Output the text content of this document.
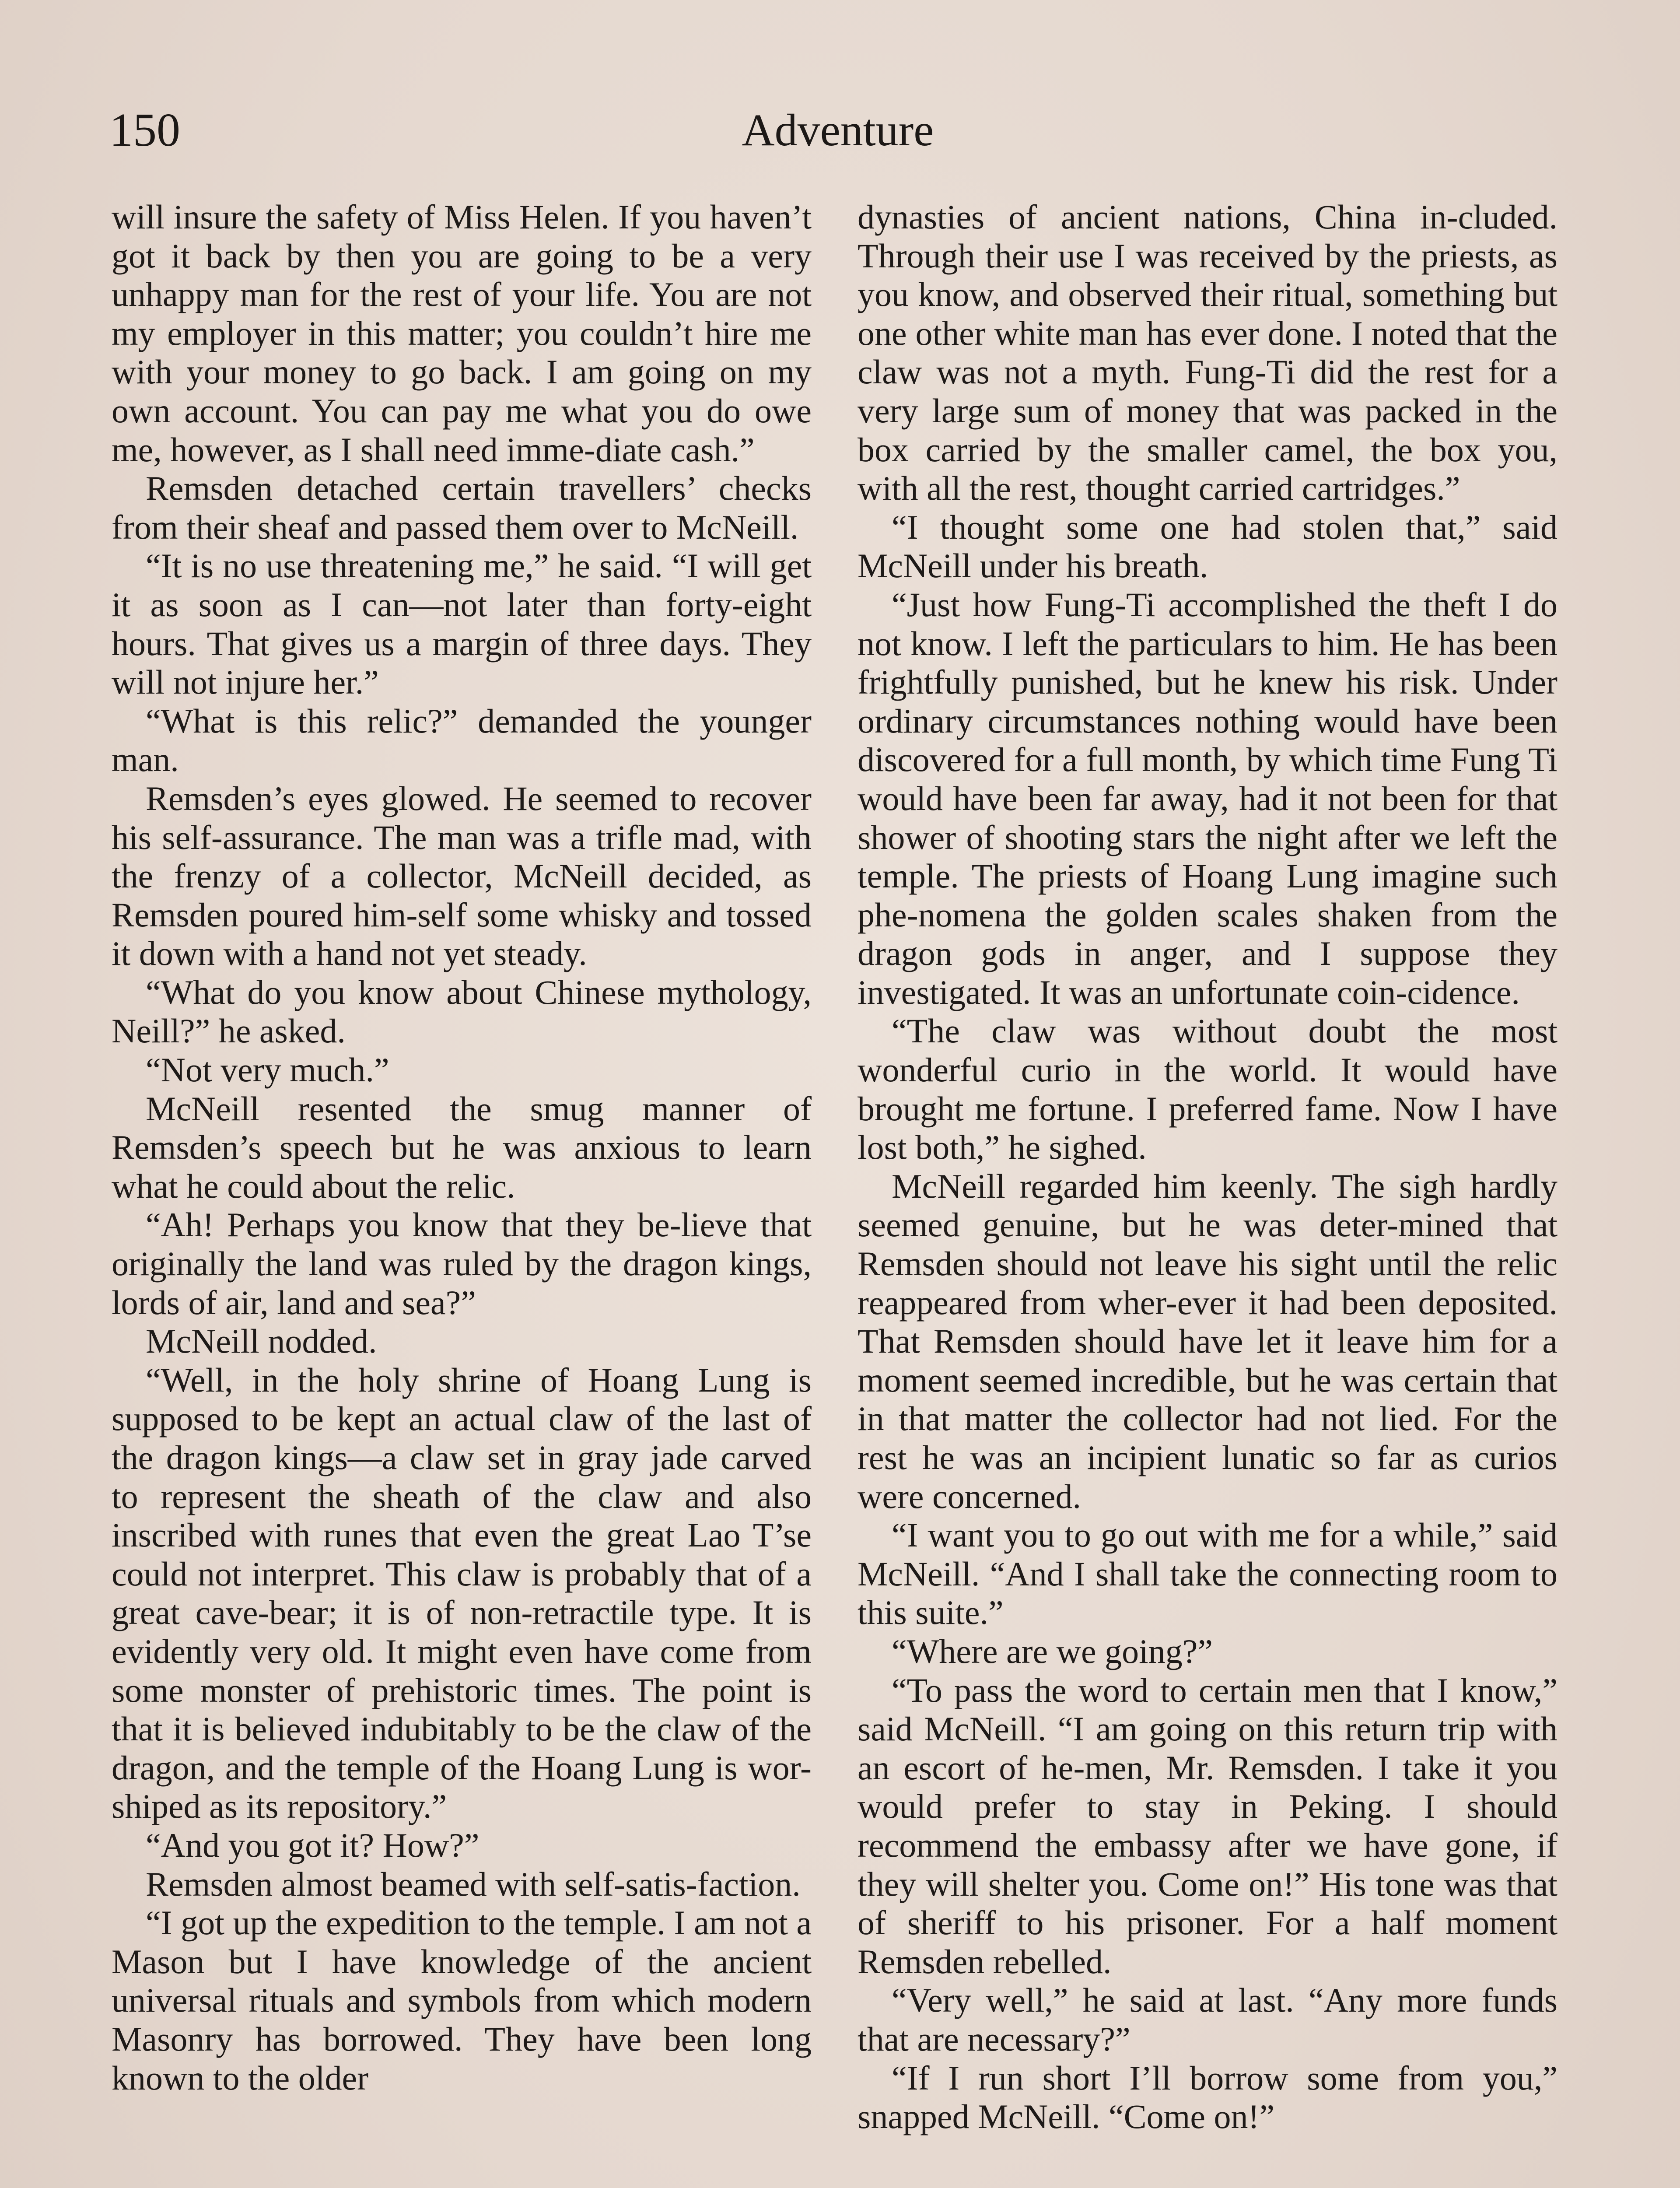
150	Adventure

will insure the safety of Miss Helen. If you haven’t got it back by then you are going to be a very unhappy man for the rest of your life. You are not my employer in this matter; you couldn’t hire me with your money to go back. I am going on my own account. You can pay me what you do owe me, however, as I shall need imme-diate cash.”

Remsden detached certain travellers’ checks from their sheaf and passed them over to McNeill.

“It is no use threatening me,” he said. “I will get it as soon as I can—not later than forty-eight hours. That gives us a margin of three days. They will not injure her.”

“What is this relic?” demanded the younger man.

Remsden’s eyes glowed. He seemed to recover his self-assurance. The man was a trifle mad, with the frenzy of a collector, McNeill decided, as Remsden poured him-self some whisky and tossed it down with a hand not yet steady.

“What do you know about Chinese mythology, Neill?” he asked.

“Not very much.”

McNeill resented the smug manner of Remsden’s speech but he was anxious to learn what he could about the relic.

“Ah! Perhaps you know that they be-lieve that originally the land was ruled by the dragon kings, lords of air, land and sea?”

McNeill nodded.

“Well, in the holy shrine of Hoang Lung is supposed to be kept an actual claw of the last of the dragon kings—a claw set in gray jade carved to represent the sheath of the claw and also inscribed with runes that even the great Lao T’se could not interpret. This claw is probably that of a great cave-bear; it is of non-retractile type. It is evidently very old. It might even have come from some monster of prehistoric times. The point is that it is believed indubitably to be the claw of the dragon, and the temple of the Hoang Lung is wor-shiped as its repository.”

“And you got it? How?”

Remsden almost beamed with self-satis-faction.

“I got up the expedition to the temple. I am not a Mason but I have knowledge of the ancient universal rituals and symbols from which modern Masonry has borrowed. They have been long known to the older

dynasties of ancient nations, China in-cluded. Through their use I was received by the priests, as you know, and observed their ritual, something but one other white man has ever done. I noted that the claw was not a myth. Fung-Ti did the rest for a very large sum of money that was packed in the box carried by the smaller camel, the box you, with all the rest, thought carried cartridges.”

“I thought some one had stolen that,” said McNeill under his breath.

“Just how Fung-Ti accomplished the theft I do not know. I left the particulars to him. He has been frightfully punished, but he knew his risk. Under ordinary circumstances nothing would have been discovered for a full month, by which time Fung Ti would have been far away, had it not been for that shower of shooting stars the night after we left the temple. The priests of Hoang Lung imagine such phe-nomena the golden scales shaken from the dragon gods in anger, and I suppose they investigated. It was an unfortunate coin-cidence.

“The claw was without doubt the most wonderful curio in the world. It would have brought me fortune. I preferred fame. Now I have lost both,” he sighed.

McNeill regarded him keenly. The sigh hardly seemed genuine, but he was deter-mined that Remsden should not leave his sight until the relic reappeared from wher-ever it had been deposited. That Remsden should have let it leave him for a moment seemed incredible, but he was certain that in that matter the collector had not lied. For the rest he was an incipient lunatic so far as curios were concerned.

“I want you to go out with me for a while,” said McNeill. “And I shall take the connecting room to this suite.”

“Where are we going?”

“To pass the word to certain men that I know,” said McNeill. “I am going on this return trip with an escort of he-men, Mr. Remsden. I take it you would prefer to stay in Peking. I should recommend the embassy after we have gone, if they will shelter you. Come on!” His tone was that of sheriff to his prisoner. For a half moment Remsden rebelled.

“Very well,” he said at last. “Any more funds that are necessary?”

“If I run short I’ll borrow some from you,” snapped McNeill. “Come on!”
